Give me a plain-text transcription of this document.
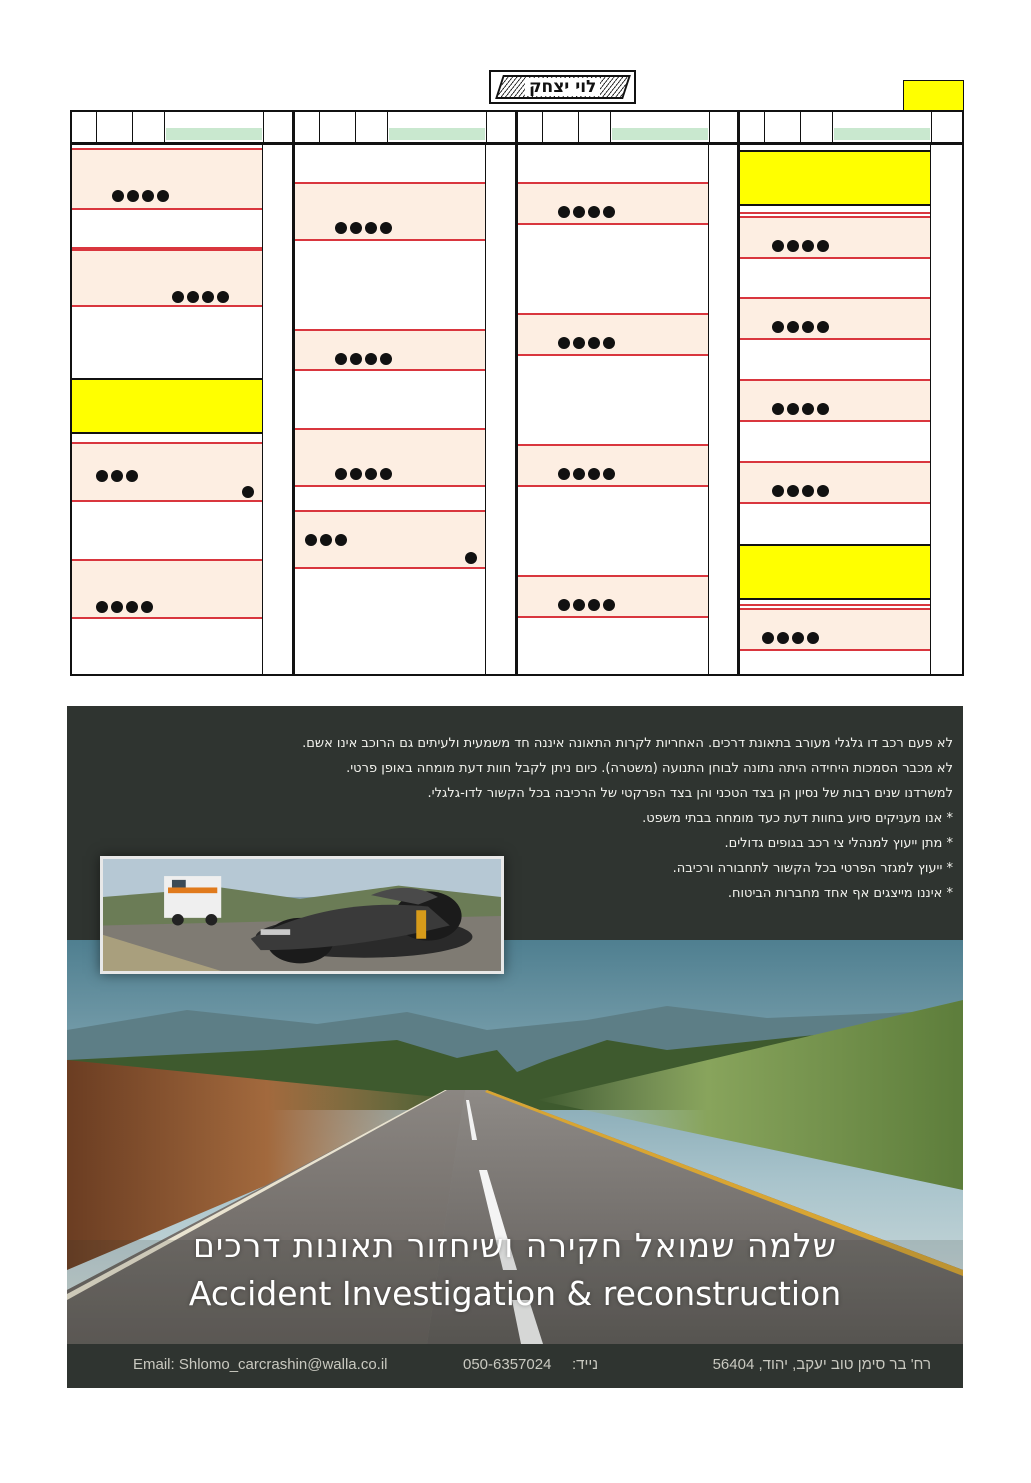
לוי יצחק

לא פעם רכב דו גלגלי מעורב בתאונת דרכים. האחריות לקרות התאונה איננה חד משמעית ולעיתים גם הרוכב אינו אשם.

לא מכבר הסמכות היחידה היתה נתונה לבוחן התנועה (משטרה). כיום ניתן לקבל חוות דעת מומחה באופן פרטי.

למשרדנו שנים רבות של נסיון הן בצד הטכני והן בצד הפרקטי של הרכיבה בכל הקשור לדו-גלגלי.

* אנו מעניקים סיוע בחוות דעת כעד מומחה בבתי משפט.

* מתן ייעוץ למנהלי צי רכב בגופים גדולים.

* ייעוץ למגזר הפרטי בכל הקשור לתחבורה ורכיבה.

* איננו מייצגים אף אחד מחברות הביטוח.

שלמה שמואל חקירה ושיחזור תאונות דרכים
Accident Investigation & reconstruction
Email: Shlomo_carcrashin@walla.co.il	050-6357024 נייד:	רח' בר סימן טוב יעקב, יהוד, 56404
